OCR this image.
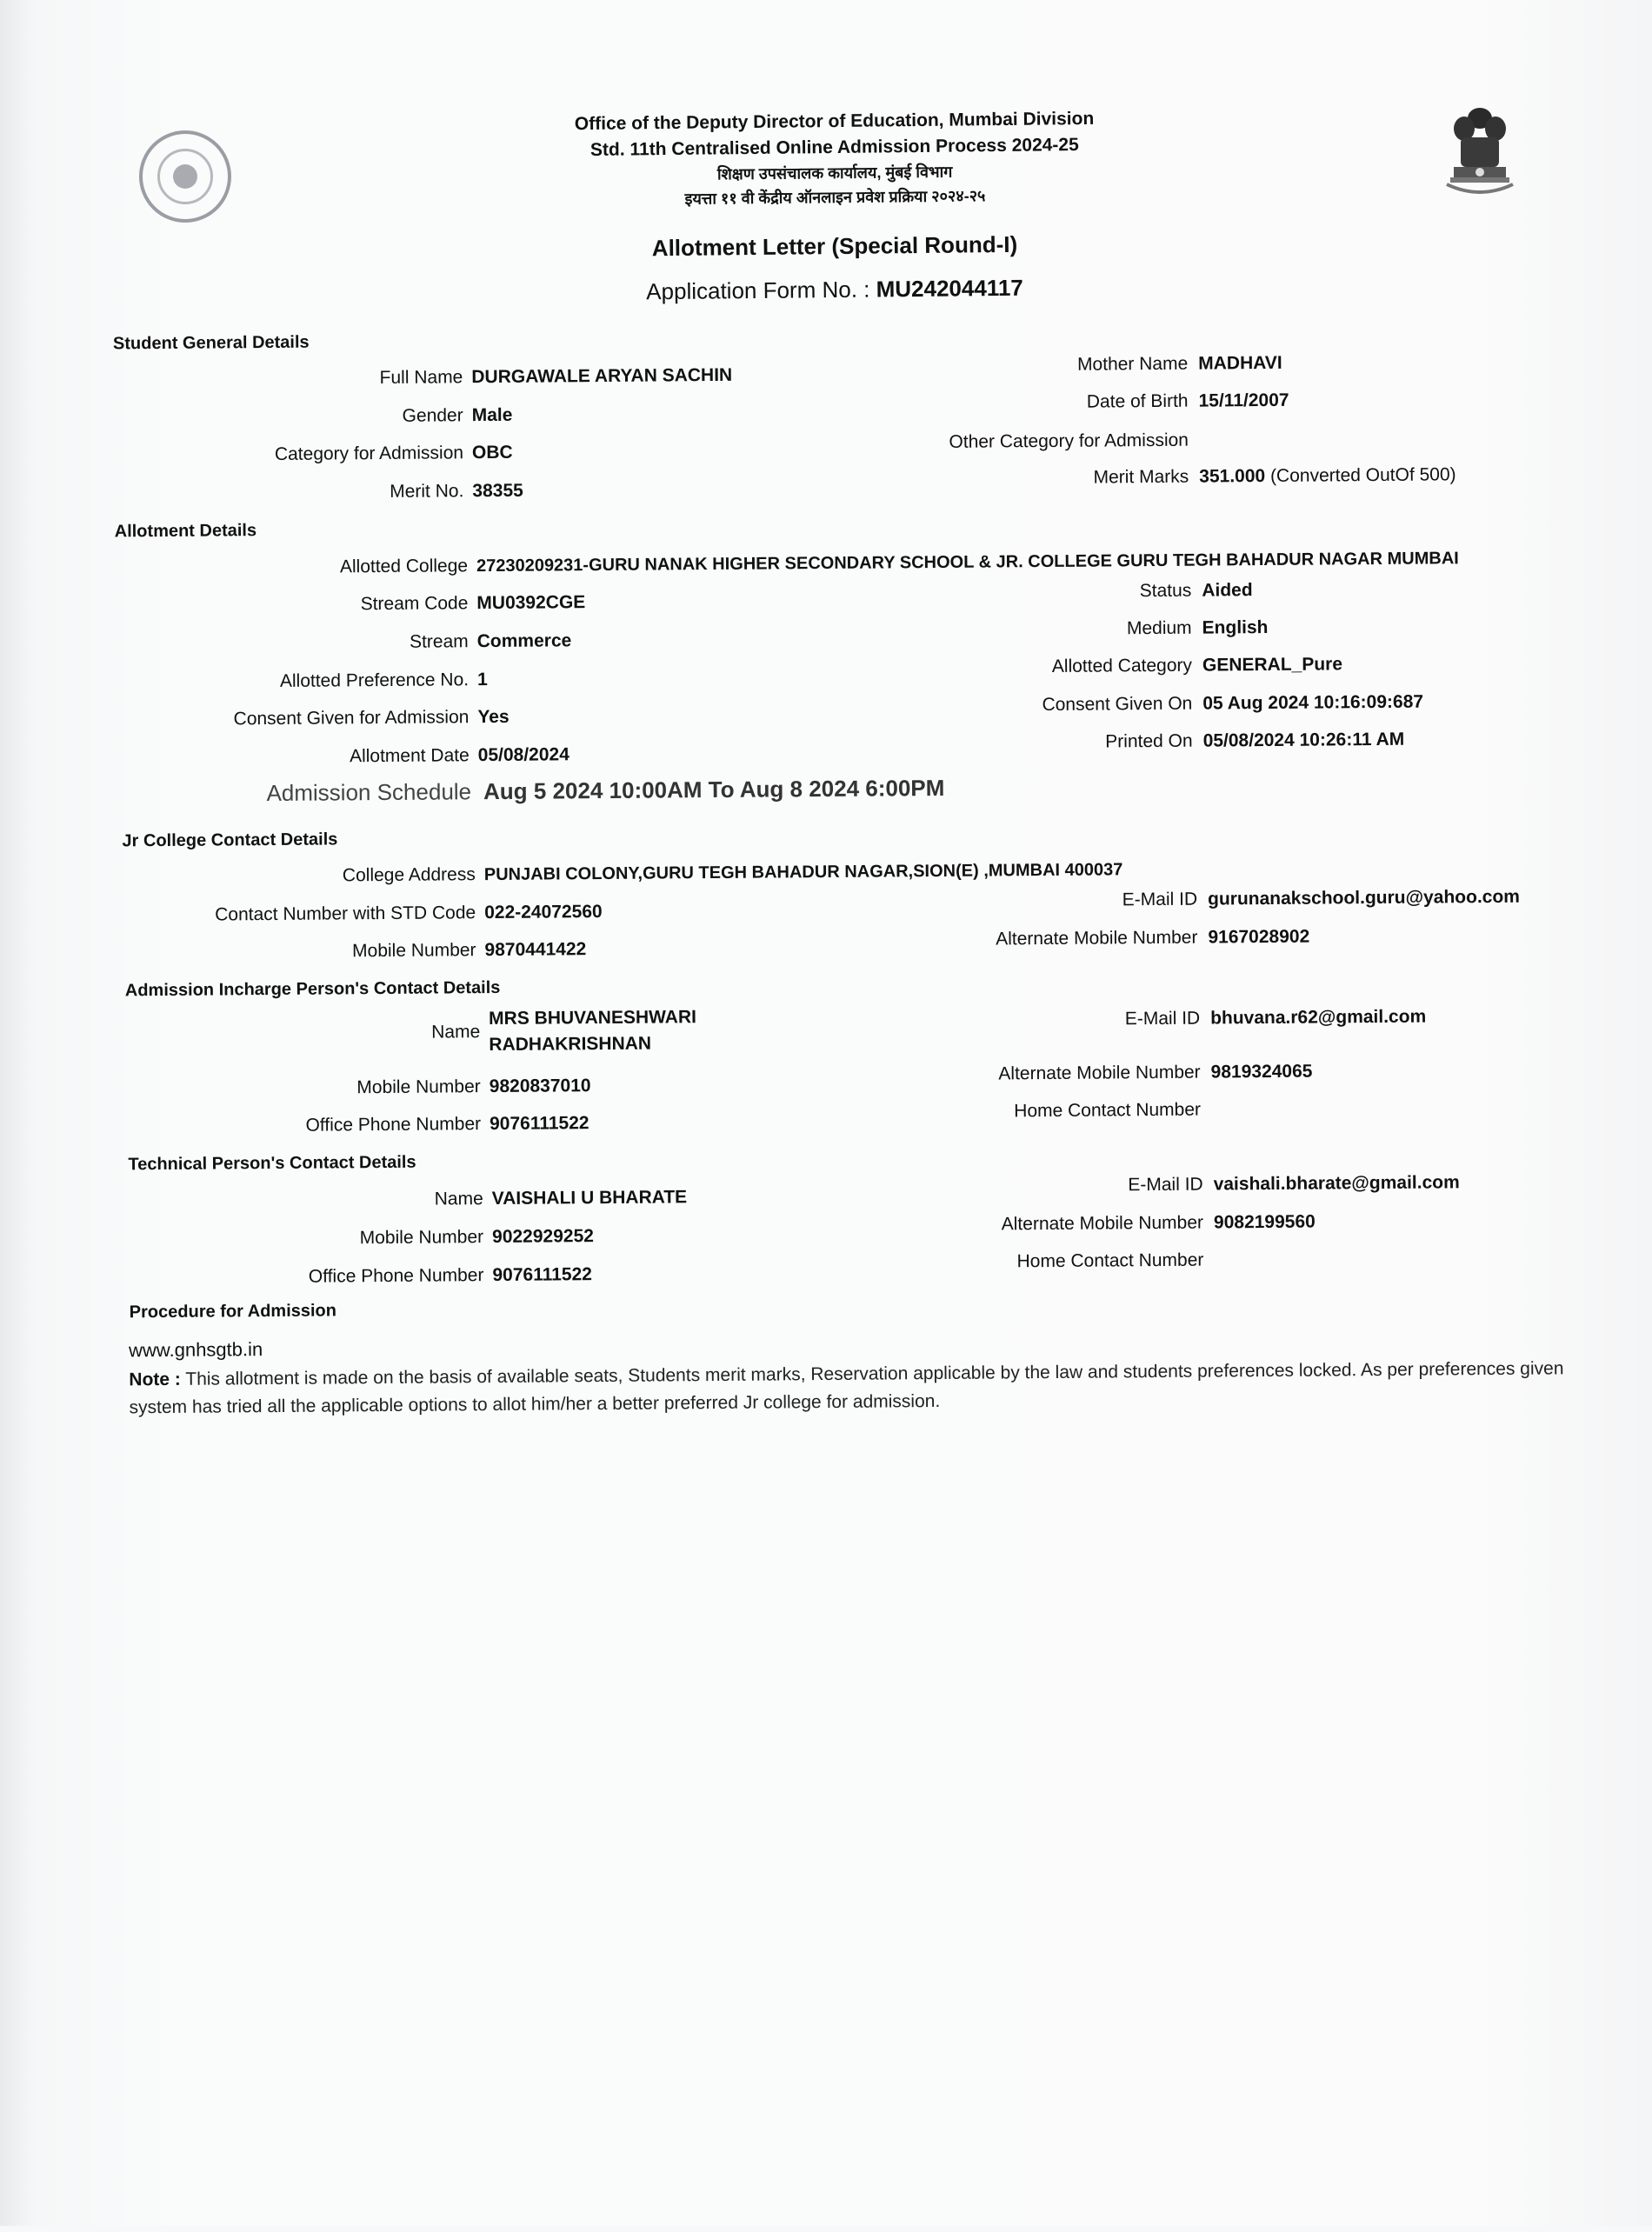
Office of the Deputy Director of Education, Mumbai Division
Std. 11th Centralised Online Admission Process 2024-25
शिक्षण उपसंचालक कार्यालय, मुंबई विभाग
इयत्ता ११ वी केंद्रीय ऑनलाइन प्रवेश प्रक्रिया २०२४-२५
Allotment Letter (Special Round-I)
Application Form No. : MU242044117
Student General Details
Full Name DURGAWALE ARYAN SACHIN
Mother Name MADHAVI
Gender Male
Date of Birth 15/11/2007
Category for Admission OBC
Other Category for Admission
Merit No. 38355
Merit Marks 351.000 (Converted OutOf 500)
Allotment Details
Allotted College 27230209231-GURU NANAK HIGHER SECONDARY SCHOOL & JR. COLLEGE GURU TEGH BAHADUR NAGAR MUMBAI
Stream Code MU0392CGE
Status Aided
Stream Commerce
Medium English
Allotted Preference No. 1
Allotted Category GENERAL_Pure
Consent Given for Admission Yes
Consent Given On 05 Aug 2024 10:16:09:687
Allotment Date 05/08/2024
Printed On 05/08/2024 10:26:11 AM
Admission Schedule Aug 5 2024 10:00AM To Aug 8 2024 6:00PM
Jr College Contact Details
College Address PUNJABI COLONY,GURU TEGH BAHADUR NAGAR,SION(E) ,MUMBAI 400037
Contact Number with STD Code 022-24072560
E-Mail ID gurunanakschool.guru@yahoo.com
Mobile Number 9870441422
Alternate Mobile Number 9167028902
Admission Incharge Person's Contact Details
Name
MRS BHUVANESHWARI
RADHAKRISHNAN
E-Mail ID bhuvana.r62@gmail.com
Mobile Number 9820837010
Alternate Mobile Number 9819324065
Office Phone Number 9076111522
Home Contact Number
Technical Person's Contact Details
Name VAISHALI U BHARATE
E-Mail ID vaishali.bharate@gmail.com
Mobile Number 9022929252
Alternate Mobile Number 9082199560
Office Phone Number 9076111522
Home Contact Number
Procedure for Admission
www.gnhsgtb.in
Note : This allotment is made on the basis of available seats, Students merit marks, Reservation applicable by the law and students preferences locked. As per preferences given system has tried all the applicable options to allot him/her a better preferred Jr college for admission.
